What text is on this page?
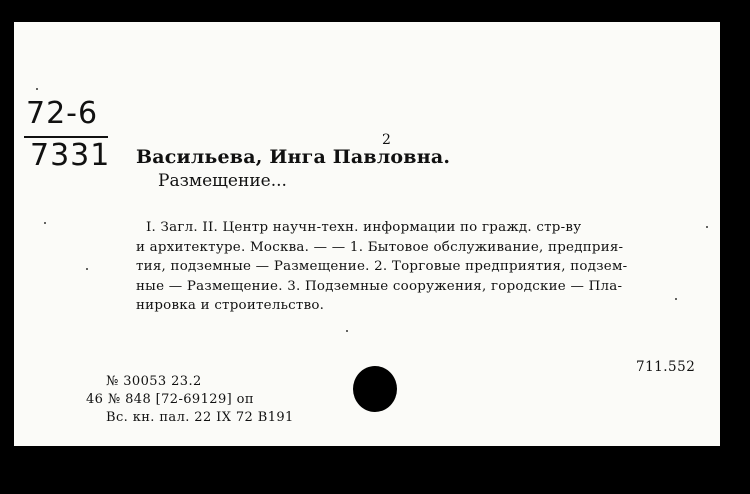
72-6
7331	2
Васильева, Инга Павловна.
Размещение...
I. Загл. II. Центр научн-техн. информации по гражд. стр-ву
и архитектуре. Москва. — — 1. Бытовое обслуживание, предприя-
тия, подземные — Размещение. 2. Торговые предприятия, подзем-
ные — Размещение. 3. Подземные сооружения, городские — Пла-
нировка и строительство.
711.552
№ 30053 23.2
46 № 848 [72-69129] оп
Вс. кн. пал. 22 IX 72 В191
